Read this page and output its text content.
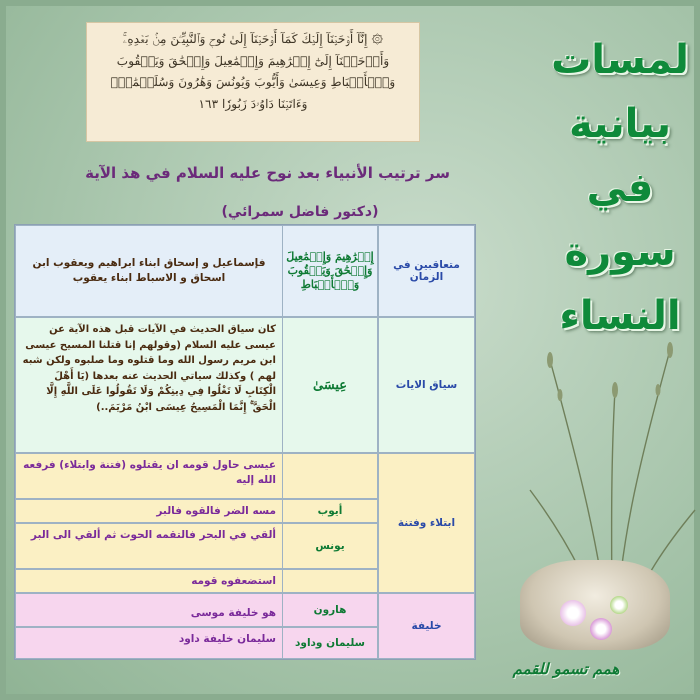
۞ إِنَّآ أَوۡحَيۡنَآ إِلَيۡكَ كَمَآ أَوۡحَيۡنَآ إِلَىٰ نُوحٖ وَٱلنَّبِيِّـۧنَ مِنۢ بَعۡدِهِۦۚ
وَأَوۡحَيۡنَآ إِلَىٰٓ إِبۡرَٰهِيمَ وَإِسۡمَٰعِيلَ وَإِسۡحَٰقَ وَيَعۡقُوبَ
وَٱلۡأَسۡبَاطِ وَعِيسَىٰ وَأَيُّوبَ وَيُونُسَ وَهَٰرُونَ وَسُلَيۡمَٰنَۚ
وَءَاتَيۡنَا دَاوُۥدَ زَبُورٗا ١٦٣
سر ترتيب الأنبياء بعد نوح عليه السلام في هذ الآية
(دكتور فاضل سمرائي)
لمسات
بيانية
في
سورة
النساء
همم تسمو للقمم
متعاقبين في الزمان
إِبۡرَٰهِيمَ وَإِسۡمَٰعِيلَ وَإِسۡحَٰقَ وَيَعۡقُوبَ وَٱلۡأَسۡبَاطِ
فإسماعيل و إسحاق ابناء ابراهيم ويعقوب ابن اسحاق و الاسباط ابناء يعقوب
سياق الايات
عِيسَىٰ
كان سياق الحديث في الآيات قبل هذه الآية عن عيسى عليه السلام (وقولهم إنا قتلنا المسيح عيسى ابن مريم رسول الله وما قتلوه وما صلبوه ولكن شبه لهم ) وكذلك سياتي الحديث عنه بعدها (يَا أَهْلَ الْكِتَابِ لَا تَغْلُوا فِي دِينِكُمْ وَلَا تَقُولُوا عَلَى اللَّهِ إِلَّا الْحَقَّ ۚ إِنَّمَا الْمَسِيحُ عِيسَى ابْنُ مَرْيَمَ..)
ابتلاء وفتنة
عيسى حاول قومه ان يقتلوه (فتنة وابتلاء) فرفعه الله إليه
أيوب
مسه الضر فالقوه فالبر
يونس
ألقي في البحر فالتقمه الحوت ثم ألقي الى البر
استضعفوه قومه
خليفة
هارون
هو خليفة موسى
سليمان وداود
سليمان خليفة داود
